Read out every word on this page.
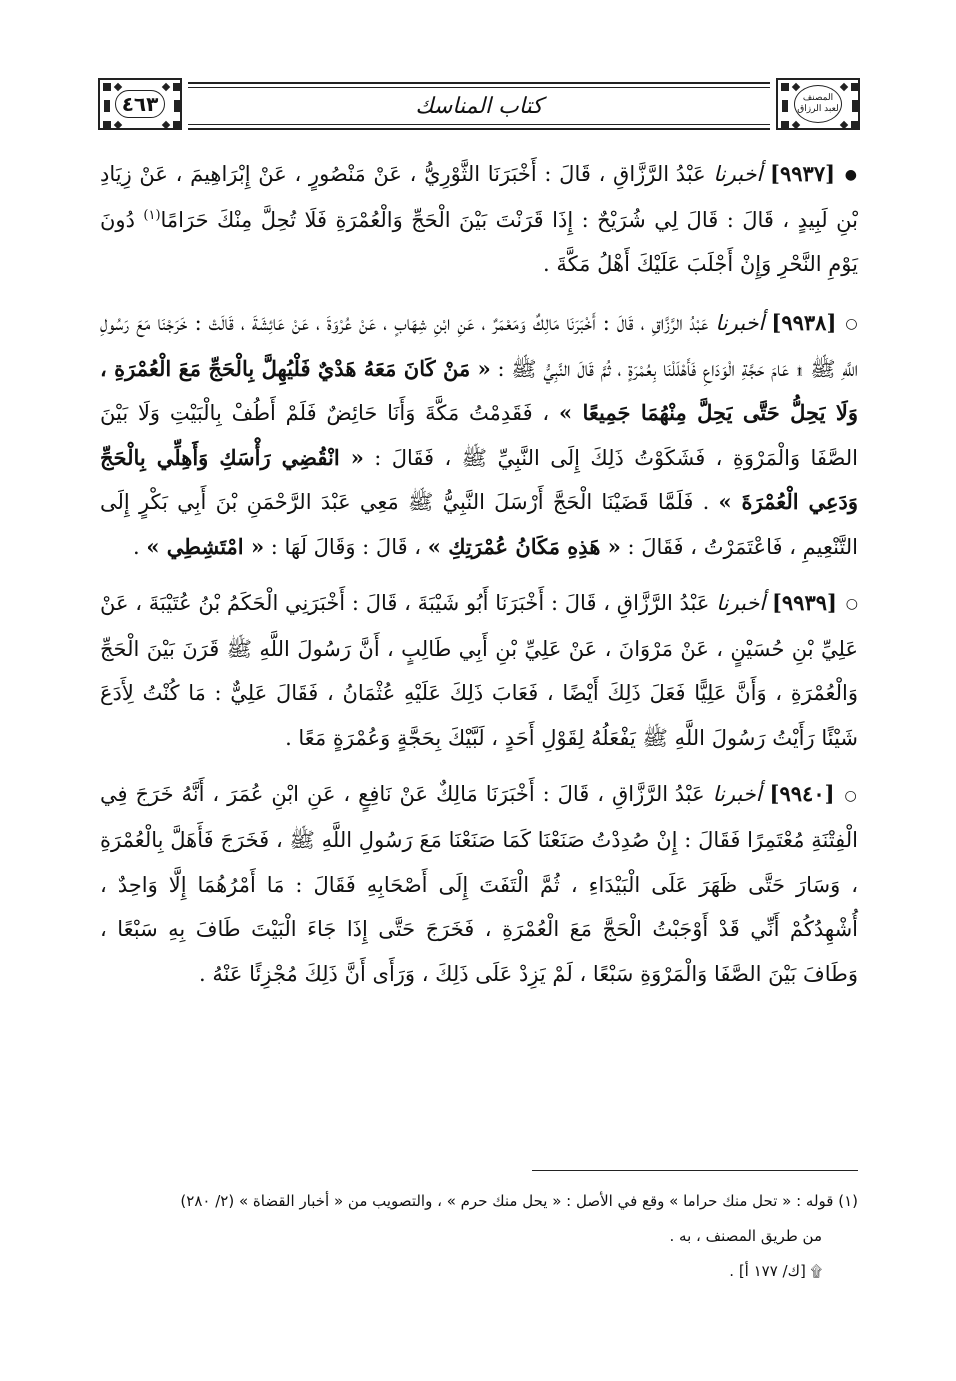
٤٦٣	كتاب المناسك	المصنف لعبد الرزاق

● [٩٩٣٧] أخبرنا عَبْدُ الرَّزَّاقِ ، قَالَ : أَخْبَرَنَا الثَّوْرِيُّ ، عَنْ مَنْصُورٍ ، عَنْ إِبْرَاهِيمَ ، عَنْ زِيَادِ بْنِ لَبِيدٍ ، قَالَ : قَالَ لِي شُرَيْحٌ : إِذَا قَرَنْتَ بَيْنَ الْحَجِّ وَالْعُمْرَةِ فَلَا تُحِلَّ مِنْكَ حَرَامًا$^{(١)}$ دُونَ يَوْمِ النَّحْرِ وَإِنْ أَجْلَبَ عَلَيْكَ أَهْلُ مَكَّةَ .

○ [٩٩٣٨] أخبرنا عَبْدُ الرَّزَّاقِ ، قَالَ : أَخْبَرَنَا مَالِكٌ وَمَعْمَرٌ ، عَنِ ابْنِ شِهَابٍ ، عَنْ عُرْوَةَ ، عَنْ عَائِشَةَ ، قَالَتْ : خَرَجْنَا مَعَ رَسُولِ اللَّهِ ﷺ ۩ عَامَ حَجَّةِ الْوَدَاعِ فَأَهْلَلْنَا بِعُمْرَةٍ ، ثُمَّ قَالَ النَّبِيُّ ﷺ : « مَنْ كَانَ مَعَهُ هَدْيٌ فَلْيُهِلَّ بِالْحَجِّ مَعَ الْعُمْرَةِ ، وَلَا يَحِلُّ حَتَّى يَحِلَّ مِنْهُمَا جَمِيعًا » ، فَقَدِمْتُ مَكَّةَ وَأَنَا حَائِضٌ فَلَمْ أَطُفْ بِالْبَيْتِ وَلَا بَيْنَ الصَّفَا وَالْمَرْوَةِ ، فَشَكَوْتُ ذَلِكَ إِلَى النَّبِيِّ ﷺ ، فَقَالَ : « انْقُضِي رَأْسَكِ وَأَهِلِّي بِالْحَجِّ وَدَعِي الْعُمْرَةَ » . فَلَمَّا قَضَيْنَا الْحَجَّ أَرْسَلَ النَّبِيُّ ﷺ مَعِي عَبْدَ الرَّحْمَنِ بْنَ أَبِي بَكْرٍ إِلَى التَّنْعِيمِ ، فَاعْتَمَرْتُ ، فَقَالَ : « هَذِهِ مَكَانُ عُمْرَتِكِ » ، قَالَ : وَقَالَ لَهَا : « امْتَشِطِي » .

○ [٩٩٣٩] أخبرنا عَبْدُ الرَّزَّاقِ ، قَالَ : أَخْبَرَنَا أَبُو شَيْبَةَ ، قَالَ : أَخْبَرَنِي الْحَكَمُ بْنُ عُتَيْبَةَ ، عَنْ عَلِيِّ بْنِ حُسَيْنٍ ، عَنْ مَرْوَانَ ، عَنْ عَلِيِّ بْنِ أَبِي طَالِبٍ ، أَنَّ رَسُولَ اللَّهِ ﷺ قَرَنَ بَيْنَ الْحَجِّ وَالْعُمْرَةِ ، وَأَنَّ عَلِيًّا فَعَلَ ذَلِكَ أَيْضًا ، فَعَابَ ذَلِكَ عَلَيْهِ عُثْمَانُ ، فَقَالَ عَلِيٌّ : مَا كُنْتُ لِأَدَعَ شَيْئًا رَأَيْتُ رَسُولَ اللَّهِ ﷺ يَفْعَلُهُ لِقَوْلِ أَحَدٍ ، لَبَّيْكَ بِحَجَّةٍ وَعُمْرَةٍ مَعًا .

○ [٩٩٤٠] أخبرنا عَبْدُ الرَّزَّاقِ ، قَالَ : أَخْبَرَنَا مَالِكٌ عَنْ نَافِعٍ ، عَنِ ابْنِ عُمَرَ ، أَنَّهُ خَرَجَ فِي الْفِتْنَةِ مُعْتَمِرًا فَقَالَ : إِنْ صُدِدْتُ صَنَعْنَا كَمَا صَنَعْنَا مَعَ رَسُولِ اللَّهِ ﷺ ، فَخَرَجَ فَأَهَلَّ بِالْعُمْرَةِ ، وَسَارَ حَتَّى ظَهَرَ عَلَى الْبَيْدَاءِ ، ثُمَّ الْتَفَتَ إِلَى أَصْحَابِهِ فَقَالَ : مَا أَمْرُهُمَا إِلَّا وَاحِدٌ ، أُشْهِدُكُمْ أَنِّي قَدْ أَوْجَبْتُ الْحَجَّ مَعَ الْعُمْرَةِ ، فَخَرَجَ حَتَّى إِذَا جَاءَ الْبَيْتَ طَافَ بِهِ سَبْعًا ، وَطَافَ بَيْنَ الصَّفَا وَالْمَرْوَةِ سَبْعًا ، لَمْ يَزِدْ عَلَى ذَلِكَ ، وَرَأَى أَنَّ ذَلِكَ مُجْزِئًا عَنْهُ .

(١) قوله : « تحل منك حراما » وقع في الأصل : « يحل منك حرم » ، والتصويب من « أخبار القضاة » (٢/ ٢٨٠)
من طريق المصنف ، به .
۩ [ك/ ١٧٧ أ] .
